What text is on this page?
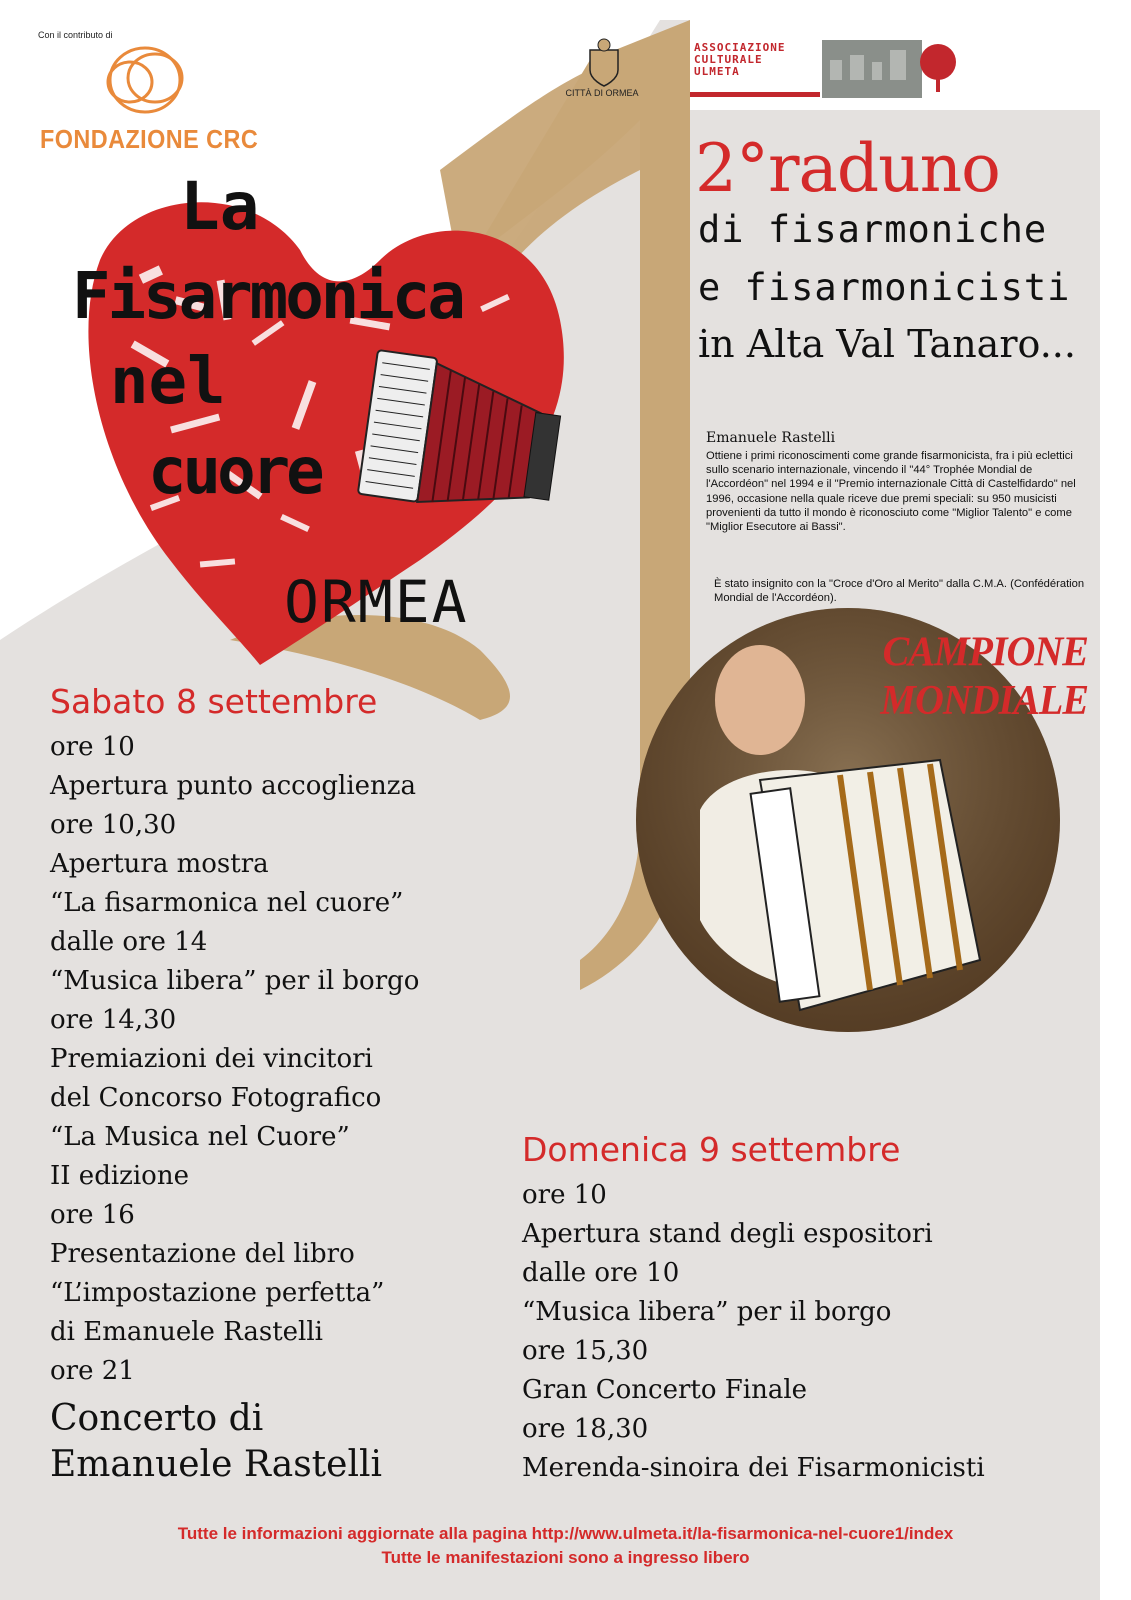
Con il contributo di
FONDAZIONE CRC
CITTÀ DI ORMEA
ASSOCIAZIONE
CULTURALE
ULMETA
La
Fisarmonica
nel
cuore
ORMEA
2°raduno
di fisarmoniche
e fisarmonicisti
in Alta Val Tanaro...
Emanuele Rastelli
Ottiene i primi riconoscimenti come grande fisarmonicista, fra i più eclettici sullo scenario internazionale, vincendo il "44° Trophée Mondial de l'Accordéon" nel 1994 e il "Premio internazionale Città di Castelfidardo" nel 1996, occasione nella quale riceve due premi speciali: su 950 musicisti provenienti da tutto il mondo è riconosciuto come "Miglior Talento" e come "Miglior Esecutore ai Bassi".
È stato insignito con la "Croce d'Oro al Merito" dalla C.M.A. (Confédération Mondial de l'Accordéon).
CAMPIONE
MONDIALE
Sabato 8 settembre
ore 10
Apertura punto accoglienza
ore 10,30
Apertura mostra
“La fisarmonica nel cuore”
dalle ore 14
“Musica libera” per il borgo
ore 14,30
Premiazioni dei vincitori
del Concorso Fotografico
“La Musica nel Cuore”
II edizione
ore 16
Presentazione del libro
“L’impostazione perfetta”
di Emanuele Rastelli
ore 21
Concerto di
Emanuele Rastelli
Domenica 9 settembre
ore 10
Apertura stand degli espositori
dalle ore 10
“Musica libera” per il borgo
ore 15,30
Gran Concerto Finale
ore 18,30
Merenda-sinoira dei Fisarmonicisti
Tutte le informazioni aggiornate alla pagina http://www.ulmeta.it/la-fisarmonica-nel-cuore1/index
Tutte le manifestazioni sono a ingresso libero
